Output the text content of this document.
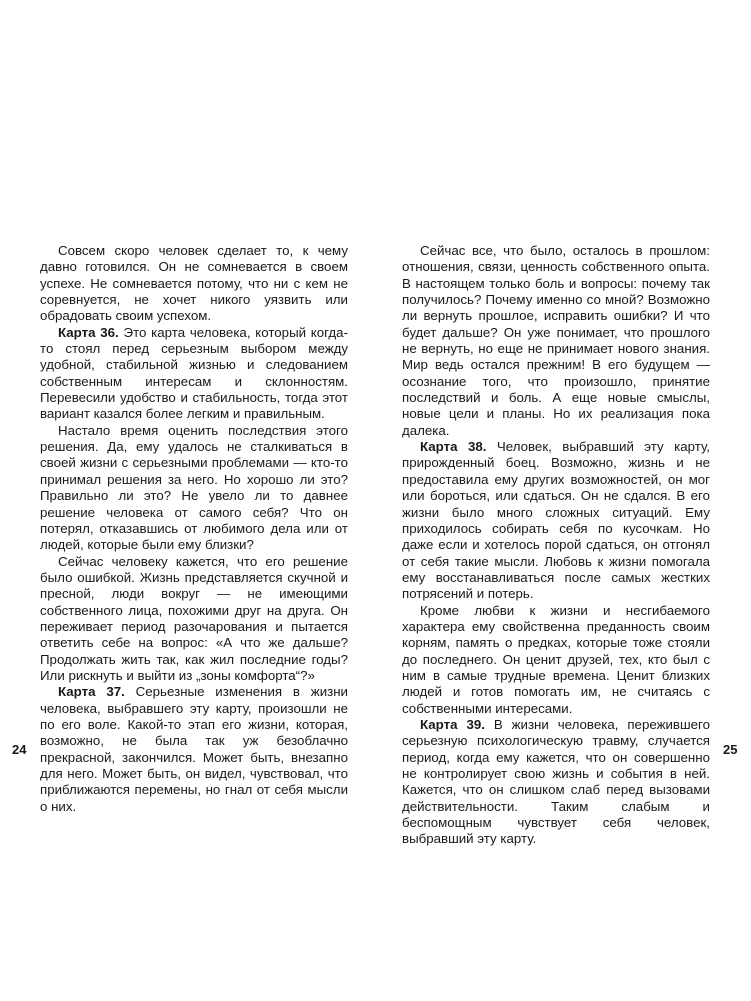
Совсем скоро человек сделает то, к чему давно готовился. Он не сомневается в своем успехе. Не сомневается потому, что ни с кем не соревнуется, не хочет никого уязвить или обрадовать своим успехом.

Карта 36. Это карта человека, который когда-то стоял перед серьезным выбором между удобной, стабильной жизнью и следованием собственным интересам и склонностям. Перевесили удобство и стабильность, тогда этот вариант казался более легким и правильным.

Настало время оценить последствия этого решения. Да, ему удалось не сталкиваться в своей жизни с серьезными проблемами — кто-то принимал решения за него. Но хорошо ли это? Правильно ли это? Не увело ли то давнее решение человека от самого себя? Что он потерял, отказавшись от любимого дела или от людей, которые были ему близки?

Сейчас человеку кажется, что его решение было ошибкой. Жизнь представляется скучной и пресной, люди вокруг — не имеющими собственного лица, похожими друг на друга. Он переживает период разочарования и пытается ответить себе на вопрос: «А что же дальше? Продолжать жить так, как жил последние годы? Или рискнуть и выйти из „зоны комфорта“?»

Карта 37. Серьезные изменения в жизни человека, выбравшего эту карту, произошли не по его воле. Какой-то этап его жизни, которая, возможно, не была так уж безоблачно прекрасной, закончился. Может быть, внезапно для него. Может быть, он видел, чувствовал, что приближаются перемены, но гнал от себя мысли о них.

Сейчас все, что было, осталось в прошлом: отношения, связи, ценность собственного опыта. В настоящем только боль и вопросы: почему так получилось? Почему именно со мной? Возможно ли вернуть прошлое, исправить ошибки? И что будет дальше? Он уже понимает, что прошлого не вернуть, но еще не принимает нового знания. Мир ведь остался прежним! В его будущем — осознание того, что произошло, принятие последствий и боль. А еще новые смыслы, новые цели и планы. Но их реализация пока далека.

Карта 38. Человек, выбравший эту карту, прирожденный боец. Возможно, жизнь и не предоставила ему других возможностей, он мог или бороться, или сдаться. Он не сдался. В его жизни было много сложных ситуаций. Ему приходилось собирать себя по кусочкам. Но даже если и хотелось порой сдаться, он отгонял от себя такие мысли. Любовь к жизни помогала ему восстанавливаться после самых жестких потрясений и потерь.

Кроме любви к жизни и несгибаемого характера ему свойственна преданность своим корням, память о предках, которые тоже стояли до последнего. Он ценит друзей, тех, кто был с ним в самые трудные времена. Ценит близких людей и готов помогать им, не считаясь с собственными интересами.

Карта 39. В жизни человека, пережившего серьезную психологическую травму, случается период, когда ему кажется, что он совершенно не контролирует свою жизнь и события в ней. Кажется, что он слишком слаб перед вызовами действительности. Таким слабым и беспомощным чувствует себя человек, выбравший эту карту.

24	25
